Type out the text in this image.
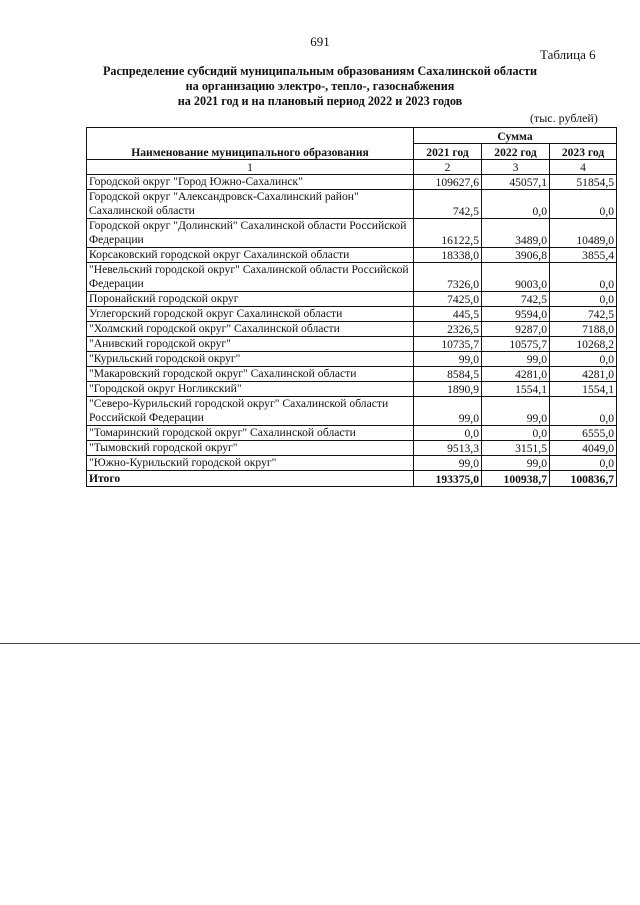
691
Таблица 6
Распределение субсидий муниципальным образованиям Сахалинской области
на организацию электро-, тепло-, газоснабжения
на 2021 год и на плановый период 2022 и 2023 годов
(тыс. рублей)
Наименование муниципального образования	Сумма		
	2021 год	2022 год	2023 год
1	2	3	4
Городской округ "Город Южно-Сахалинск"	109627,6	45057,1	51854,5
Городской округ "Александровск-Сахалинский район" Сахалинской области	742,5	0,0	0,0
Городской округ "Долинский" Сахалинской области Российской Федерации	16122,5	3489,0	10489,0
Корсаковский городской округ Сахалинской области	18338,0	3906,8	3855,4
"Невельский городской округ" Сахалинской области Российской Федерации	7326,0	9003,0	0,0
Поронайский городской округ	7425,0	742,5	0,0
Углегорский городской округ Сахалинской области	445,5	9594,0	742,5
"Холмский городской округ" Сахалинской области	2326,5	9287,0	7188,0
"Анивский городской округ"	10735,7	10575,7	10268,2
"Курильский городской округ"	99,0	99,0	0,0
"Макаровский городской округ" Сахалинской области	8584,5	4281,0	4281,0
"Городской округ Ногликский"	1890,9	1554,1	1554,1
"Северо-Курильский городской округ" Сахалинской области Российской Федерации	99,0	99,0	0,0
"Томаринский городской округ" Сахалинской области	0,0	0,0	6555,0
"Тымовский городской округ"	9513,3	3151,5	4049,0
"Южно-Курильский городской округ"	99,0	99,0	0,0
Итого	193375,0	100938,7	100836,7
